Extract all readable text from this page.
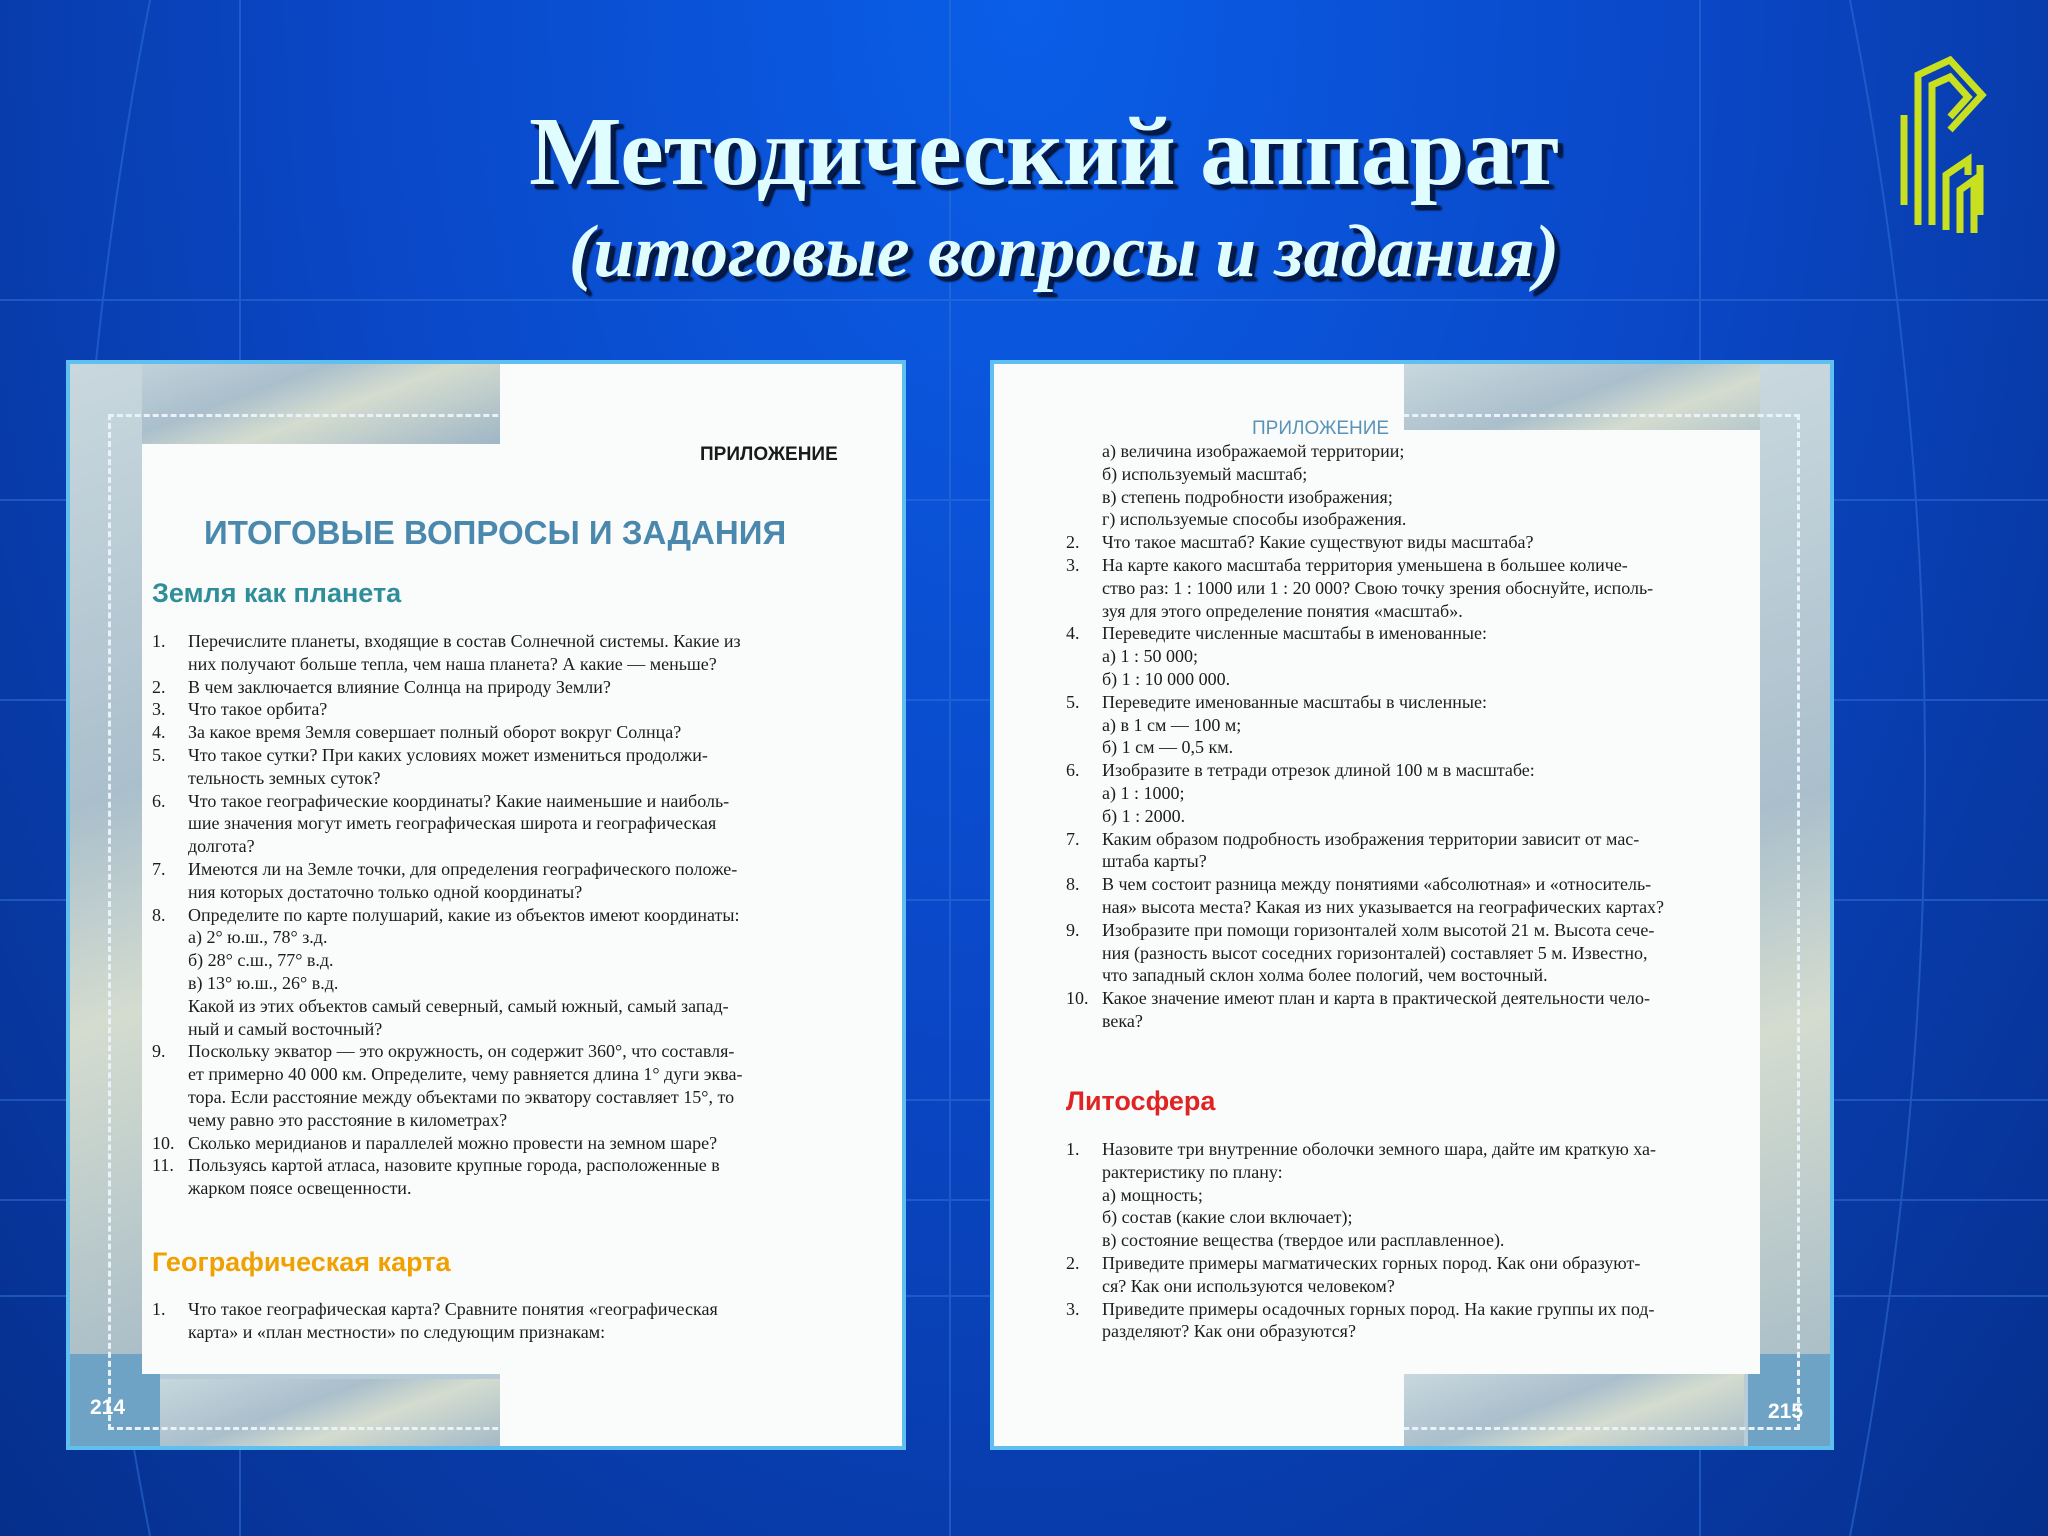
Методический аппарат
(итоговые вопросы и задания)
ПРИЛОЖЕНИЕ
ИТОГОВЫЕ ВОПРОСЫ И ЗАДАНИЯ
Земля как планета
1.	Перечислите планеты, входящие в состав Солнечной системы. Какие из
них получают больше тепла, чем наша планета? А какие — меньше?
2.	В чем заключается влияние Солнца на природу Земли?
3.	Что такое орбита?
4.	За какое время Земля совершает полный оборот вокруг Солнца?
5.	Что такое сутки? При каких условиях может измениться продолжи-
тельность земных суток?
6.	Что такое географические координаты? Какие наименьшие и наиболь-
шие значения могут иметь географическая широта и географическая
долгота?
7.	Имеются ли на Земле точки, для определения географического положе-
ния которых достаточно только одной координаты?
8.	Определите по карте полушарий, какие из объектов имеют координаты:
а) 2° ю.ш., 78° з.д.
б) 28° с.ш., 77° в.д.
в) 13° ю.ш., 26° в.д.
Какой из этих объектов самый северный, самый южный, самый запад-
ный и самый восточный?
9.	Поскольку экватор — это окружность, он содержит 360°, что составля-
ет примерно 40 000 км. Определите, чему равняется длина 1° дуги эква-
тора. Если расстояние между объектами по экватору составляет 15°, то
чему равно это расстояние в километрах?
10. Сколько меридианов и параллелей можно провести на земном шаре?
11. Пользуясь картой атласа, назовите крупные города, расположенные в
жарком поясе освещенности.
Географическая карта
1.	Что такое географическая карта? Сравните понятия «географическая
карта» и «план местности» по следующим признакам:
214
ПРИЛОЖЕНИЕ
а) величина изображаемой территории;
б) используемый масштаб;
в) степень подробности изображения;
г) используемые способы изображения.
2.	Что такое масштаб? Какие существуют виды масштаба?
3.	На карте какого масштаба территория уменьшена в большее количе-
ство раз: 1 : 1000 или 1 : 20 000? Свою точку зрения обоснуйте, исполь-
зуя для этого определение понятия «масштаб».
4.	Переведите численные масштабы в именованные:
а) 1 : 50 000;
б) 1 : 10 000 000.
5.	Переведите именованные масштабы в численные:
а) в 1 см — 100 м;
б) 1 см — 0,5 км.
6.	Изобразите в тетради отрезок длиной 100 м в масштабе:
а) 1 : 1000;
б) 1 : 2000.
7.	Каким образом подробность изображения территории зависит от мас-
штаба карты?
8.	В чем состоит разница между понятиями «абсолютная» и «относитель-
ная» высота места? Какая из них указывается на географических картах?
9.	Изобразите при помощи горизонталей холм высотой 21 м. Высота сече-
ния (разность высот соседних горизонталей) составляет 5 м. Известно,
что западный склон холма более пологий, чем восточный.
10. Какое значение имеют план и карта в практической деятельности чело-
века?
Литосфера
1.	Назовите три внутренние оболочки земного шара, дайте им краткую ха-
рактеристику по плану:
а) мощность;
б) состав (какие слои включает);
в) состояние вещества (твердое или расплавленное).
2.	Приведите примеры магматических горных пород. Как они образуют-
ся? Как они используются человеком?
3.	Приведите примеры осадочных горных пород. На какие группы их под-
разделяют? Как они образуются?
215
